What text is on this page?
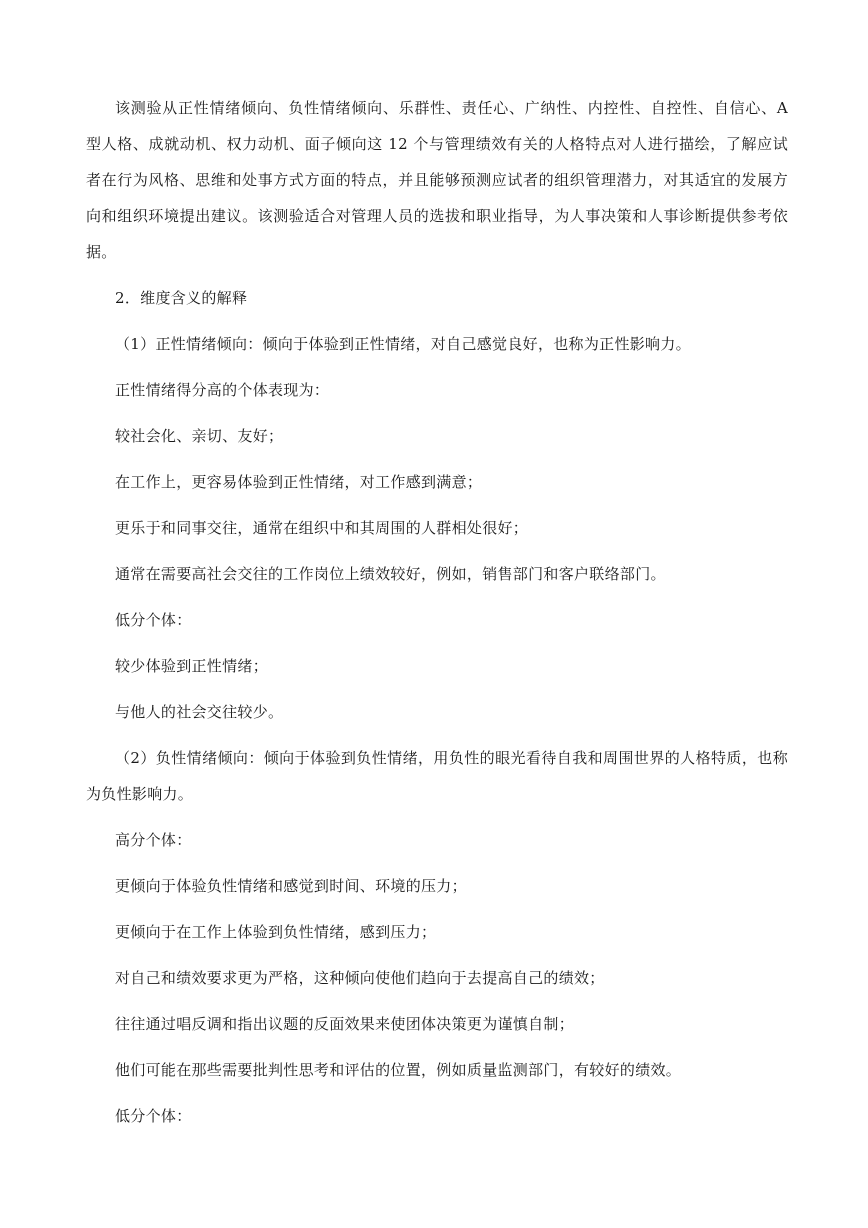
该测验从正性情绪倾向、负性情绪倾向、乐群性、责任心、广纳性、内控性、自控性、自信心、A 型人格、成就动机、权力动机、面子倾向这 12 个与管理绩效有关的人格特点对人进行描绘，了解应试者在行为风格、思维和处事方式方面的特点，并且能够预测应试者的组织管理潜力，对其适宜的发展方向和组织环境提出建议。该测验适合对管理人员的选拔和职业指导，为人事决策和人事诊断提供参考依据。

2．维度含义的解释

（1）正性情绪倾向：倾向于体验到正性情绪，对自己感觉良好，也称为正性影响力。

正性情绪得分高的个体表现为：

较社会化、亲切、友好；

在工作上，更容易体验到正性情绪，对工作感到满意；

更乐于和同事交往，通常在组织中和其周围的人群相处很好；

通常在需要高社会交往的工作岗位上绩效较好，例如，销售部门和客户联络部门。

低分个体：

较少体验到正性情绪；

与他人的社会交往较少。

（2）负性情绪倾向：倾向于体验到负性情绪，用负性的眼光看待自我和周围世界的人格特质，也称为负性影响力。

高分个体：

更倾向于体验负性情绪和感觉到时间、环境的压力；

更倾向于在工作上体验到负性情绪，感到压力；

对自己和绩效要求更为严格，这种倾向使他们趋向于去提高自己的绩效；

往往通过唱反调和指出议题的反面效果来使团体决策更为谨慎自制；

他们可能在那些需要批判性思考和评估的位置，例如质量监测部门，有较好的绩效。

低分个体：
